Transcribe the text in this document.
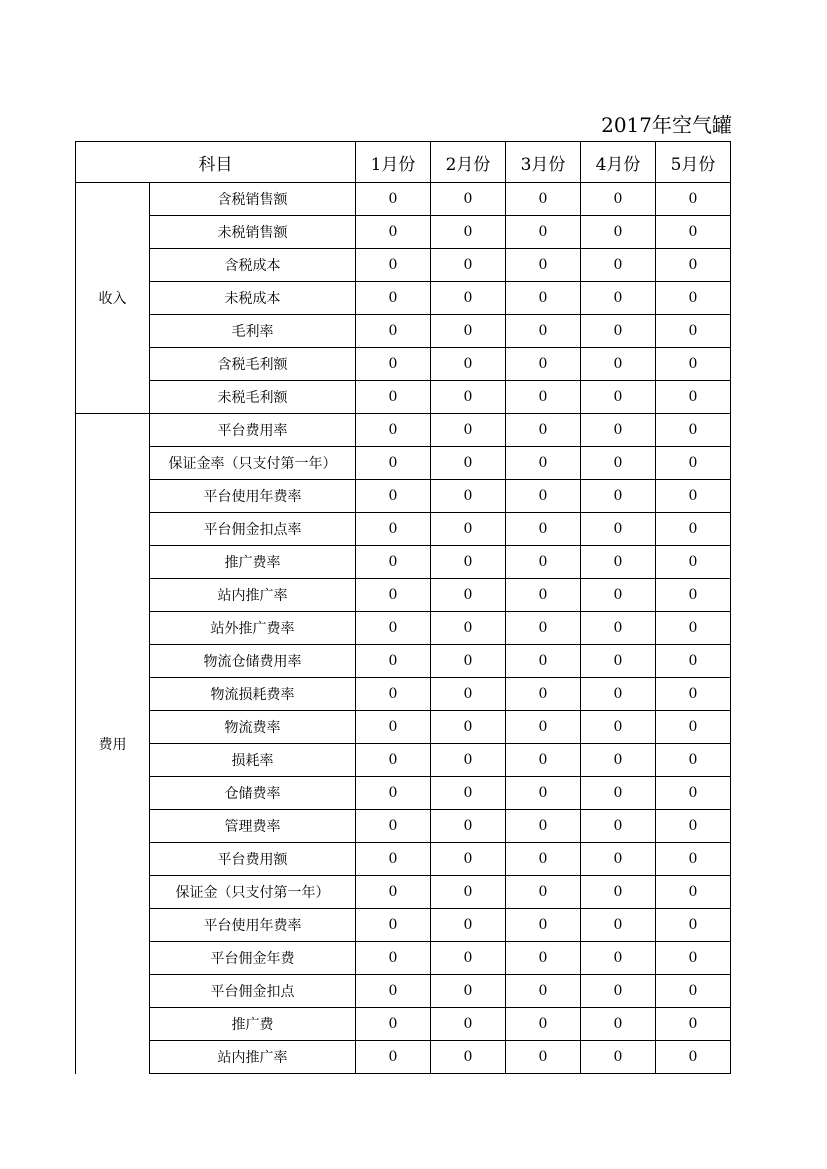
2017年空气罐
科目		1月份	2月份	3月份	4月份	5月份
收入	含税销售额	0	0	0	0	0
	未税销售额	0	0	0	0	0
	含税成本	0	0	0	0	0
	未税成本	0	0	0	0	0
	毛利率	0	0	0	0	0
	含税毛利额	0	0	0	0	0
	未税毛利额	0	0	0	0	0
费用	平台费用率	0	0	0	0	0
	保证金率（只支付第一年）	0	0	0	0	0
	平台使用年费率	0	0	0	0	0
	平台佣金扣点率	0	0	0	0	0
	推广费率	0	0	0	0	0
	站内推广率	0	0	0	0	0
	站外推广费率	0	0	0	0	0
	物流仓储费用率	0	0	0	0	0
	物流损耗费率	0	0	0	0	0
	物流费率	0	0	0	0	0
	损耗率	0	0	0	0	0
	仓储费率	0	0	0	0	0
	管理费率	0	0	0	0	0
	平台费用额	0	0	0	0	0
	保证金（只支付第一年）	0	0	0	0	0
	平台使用年费率	0	0	0	0	0
	平台佣金年费	0	0	0	0	0
	平台佣金扣点	0	0	0	0	0
	推广费	0	0	0	0	0
	站内推广率	0	0	0	0	0
